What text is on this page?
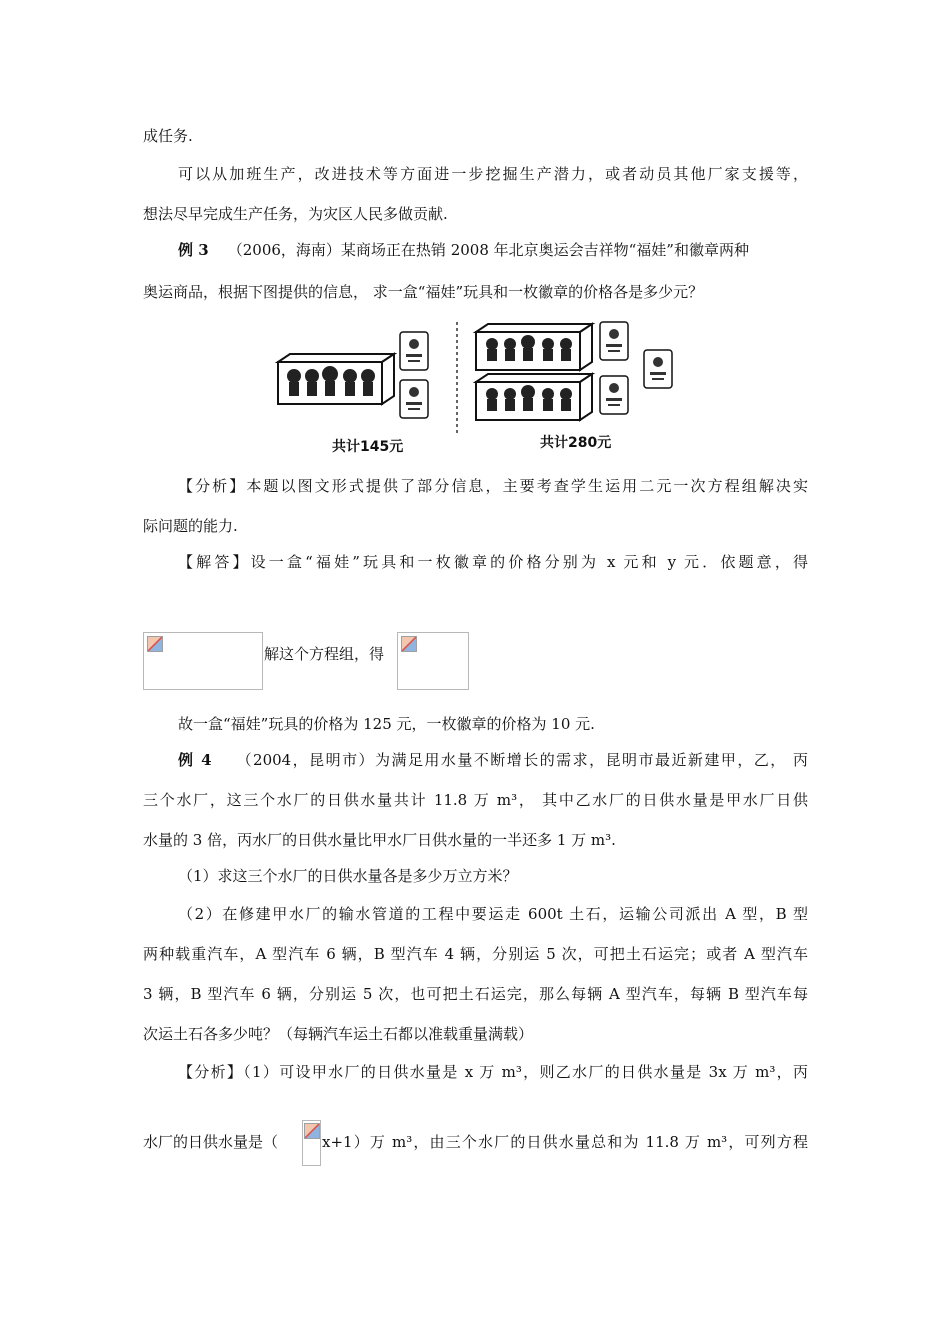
成任务.
可以从加班生产，改进技术等方面进一步挖掘生产潜力，或者动员其他厂家支援等，
想法尽早完成生产任务，为灾区人民多做贡献.
例 3 （2006，海南）某商场正在热销 2008 年北京奥运会吉祥物“福娃”和徽章两种
奥运商品，根据下图提供的信息， 求一盒“福娃”玩具和一枚徽章的价格各是多少元？
共计145元	共计280元
【分析】本题以图文形式提供了部分信息，主要考查学生运用二元一次方程组解决实
际问题的能力.
【解答】设一盒“福娃”玩具和一枚徽章的价格分别为 x 元和 y 元．依题意，得
解这个方程组，得
故一盒“福娃”玩具的价格为 125 元，一枚徽章的价格为 10 元.
例 4 （2004，昆明市）为满足用水量不断增长的需求，昆明市最近新建甲，乙， 丙
三个水厂，这三个水厂的日供水量共计 11.8 万 m³， 其中乙水厂的日供水量是甲水厂日供
水量的 3 倍，丙水厂的日供水量比甲水厂日供水量的一半还多 1 万 m³.
（1）求这三个水厂的日供水量各是多少万立方米？
（2）在修建甲水厂的输水管道的工程中要运走 600t 土石，运输公司派出 A 型，B 型
两种载重汽车，A 型汽车 6 辆，B 型汽车 4 辆，分别运 5 次，可把土石运完；或者 A 型汽车
3 辆，B 型汽车 6 辆，分别运 5 次，也可把土石运完，那么每辆 A 型汽车，每辆 B 型汽车每
次运土石各多少吨？（每辆汽车运土石都以准载重量满载）
【分析】（1）可设甲水厂的日供水量是 x 万 m³，则乙水厂的日供水量是 3x 万 m³，丙
水厂的日供水量是（	x+1）万 m³，由三个水厂的日供水量总和为 11.8 万 m³，可列方程
